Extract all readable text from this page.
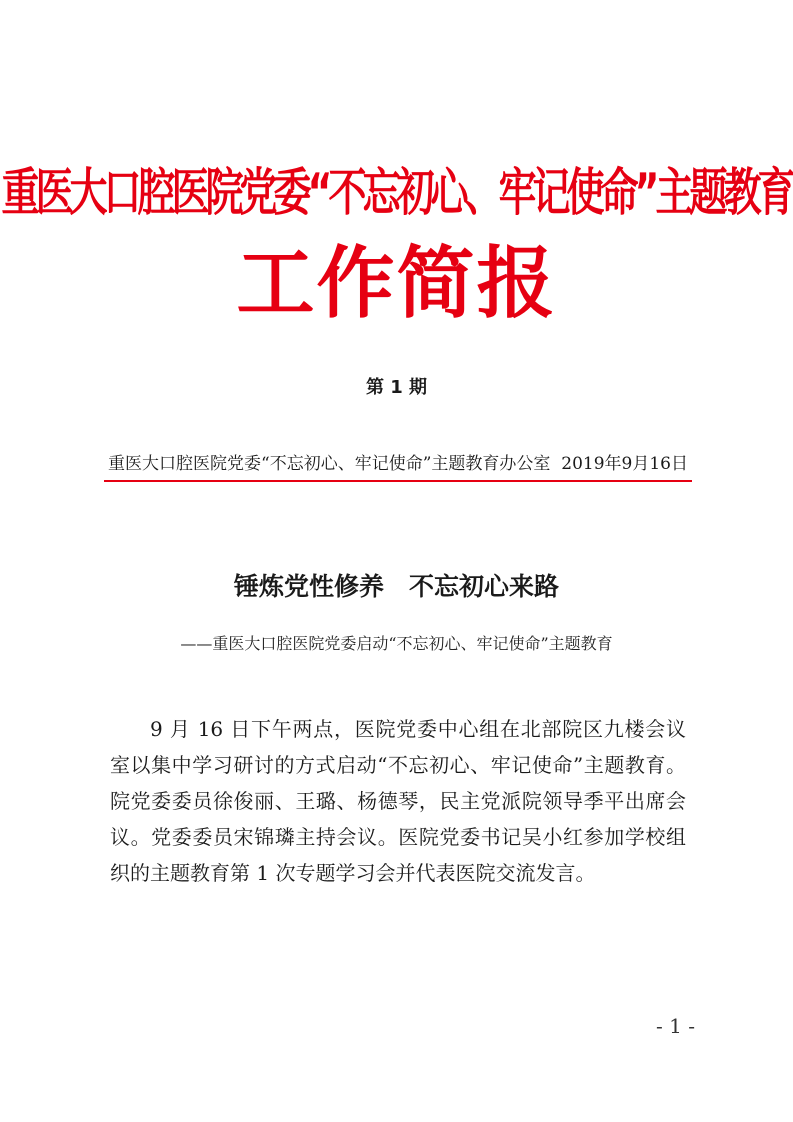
重医大口腔医院党委“不忘初心、牢记使命”主题教育
工作简报
第 1 期
重医大口腔医院党委“不忘初心、牢记使命”主题教育办公室 2019年9月16日
锤炼党性修养　不忘初心来路
——重医大口腔医院党委启动“不忘初心、牢记使命”主题教育

9 月 16 日下午两点，医院党委中心组在北部院区九楼会议室以集中学习研讨的方式启动“不忘初心、牢记使命”主题教育。院党委委员徐俊丽、王璐、杨德琴，民主党派院领导季平出席会议。党委委员宋锦璘主持会议。医院党委书记吴小红参加学校组织的主题教育第 1 次专题学习会并代表医院交流发言。

- 1 -
